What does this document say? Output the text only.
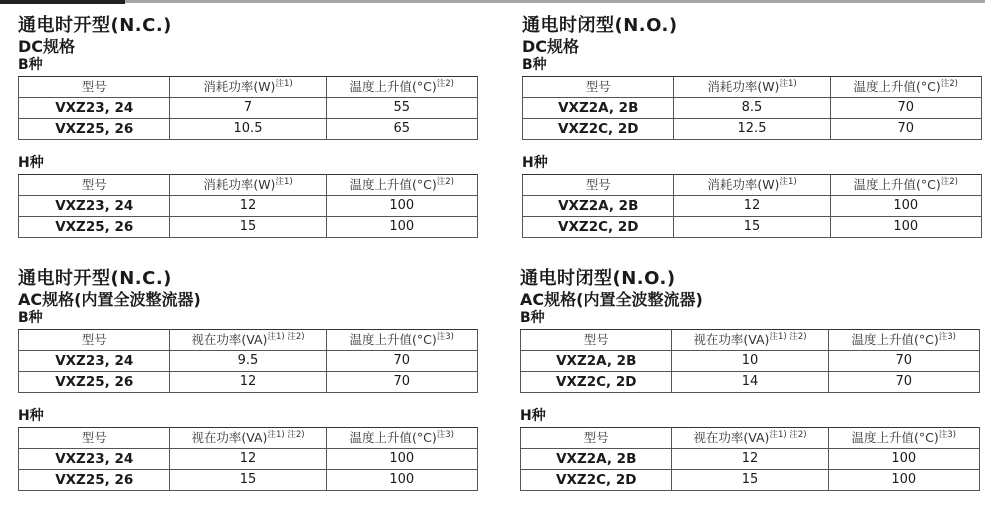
通电时开型(N.C.)
DC规格
B种
型号	消耗功率$(W)^{注1)}$	温度上升值$(^\circ C)^{注2)}$
VXZ23, 24	7	55
VXZ25, 26	10.5	65
H种
型号	消耗功率$(W)^{注1)}$	温度上升值$(^\circ C)^{注2)}$
VXZ23, 24	12	100
VXZ25, 26	15	100
通电时闭型(N.O.)
DC规格
B种
型号	消耗功率$(W)^{注1)}$	温度上升值$(^\circ C)^{注2)}$
VXZ2A, 2B	8.5	70
VXZ2C, 2D	12.5	70
H种
型号	消耗功率$(W)^{注1)}$	温度上升值$(^\circ C)^{注2)}$
VXZ2A, 2B	12	100
VXZ2C, 2D	15	100
通电时开型(N.C.)
AC规格(内置全波整流器)
B种
型号	视在功率(VA)$^{注1) 注2)}$	温度上升值$(^\circ C)^{注3)}$
VXZ23, 24	9.5	70
VXZ25, 26	12	70
H种
型号	视在功率(VA)$^{注1) 注2)}$	温度上升值$(^\circ C)^{注3)}$
VXZ23, 24	12	100
VXZ25, 26	15	100
通电时闭型(N.O.)
AC规格(内置全波整流器)
B种
型号	视在功率(VA)$^{注1) 注2)}$	温度上升值$(^\circ C)^{注3)}$
VXZ2A, 2B	10	70
VXZ2C, 2D	14	70
H种
型号	视在功率(VA)$^{注1) 注2)}$	温度上升值$(^\circ C)^{注3)}$
VXZ2A, 2B	12	100
VXZ2C, 2D	15	100
